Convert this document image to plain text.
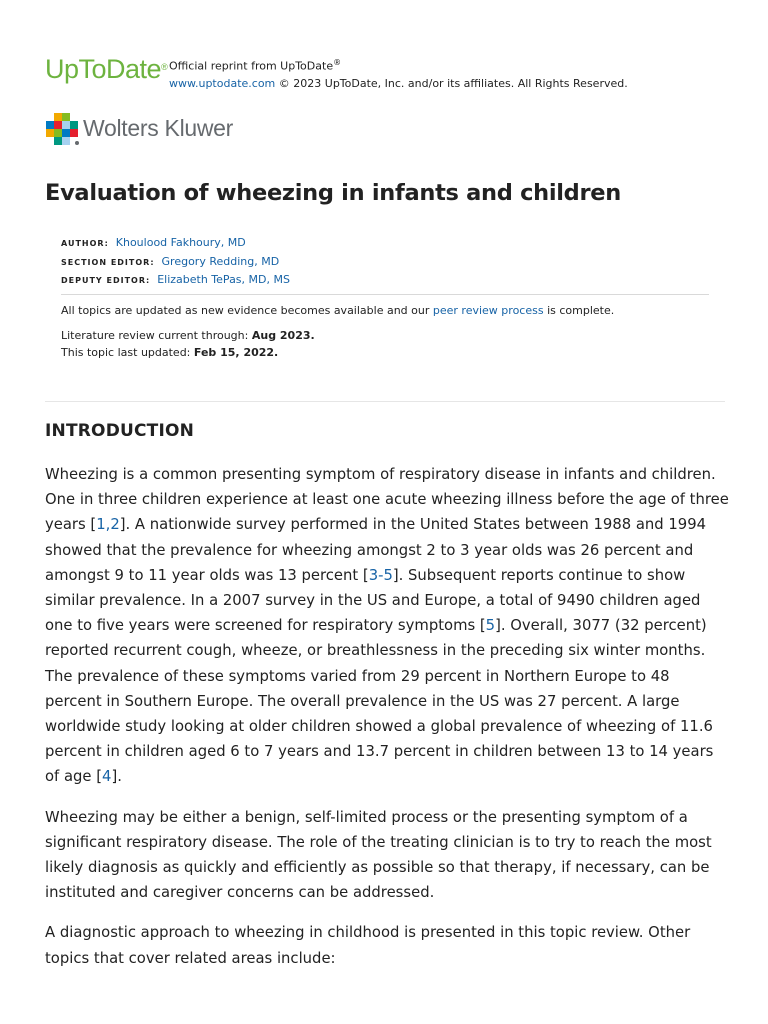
UpToDate® Official reprint from UpToDate®
www.uptodate.com © 2023 UpToDate, Inc. and/or its affiliates. All Rights Reserved.
Wolters Kluwer
Evaluation of wheezing in infants and children
AUTHOR: Khoulood Fakhoury, MD
SECTION EDITOR: Gregory Redding, MD
DEPUTY EDITOR: Elizabeth TePas, MD, MS

All topics are updated as new evidence becomes available and our peer review process is complete.

Literature review current through: Aug 2023.

This topic last updated: Feb 15, 2022.

INTRODUCTION

Wheezing is a common presenting symptom of respiratory disease in infants and children. One in three children experience at least one acute wheezing illness before the age of three years [1,2]. A nationwide survey performed in the United States between 1988 and 1994 showed that the prevalence for wheezing amongst 2 to 3 year olds was 26 percent and amongst 9 to 11 year olds was 13 percent [3-5]. Subsequent reports continue to show similar prevalence. In a 2007 survey in the US and Europe, a total of 9490 children aged one to five years were screened for respiratory symptoms [5]. Overall, 3077 (32 percent) reported recurrent cough, wheeze, or breathlessness in the preceding six winter months. The prevalence of these symptoms varied from 29 percent in Northern Europe to 48 percent in Southern Europe. The overall prevalence in the US was 27 percent. A large worldwide study looking at older children showed a global prevalence of wheezing of 11.6 percent in children aged 6 to 7 years and 13.7 percent in children between 13 to 14 years of age [4].

Wheezing may be either a benign, self-limited process or the presenting symptom of a significant respiratory disease. The role of the treating clinician is to try to reach the most likely diagnosis as quickly and efficiently as possible so that therapy, if necessary, can be instituted and caregiver concerns can be addressed.

A diagnostic approach to wheezing in childhood is presented in this topic review. Other topics that cover related areas include:
